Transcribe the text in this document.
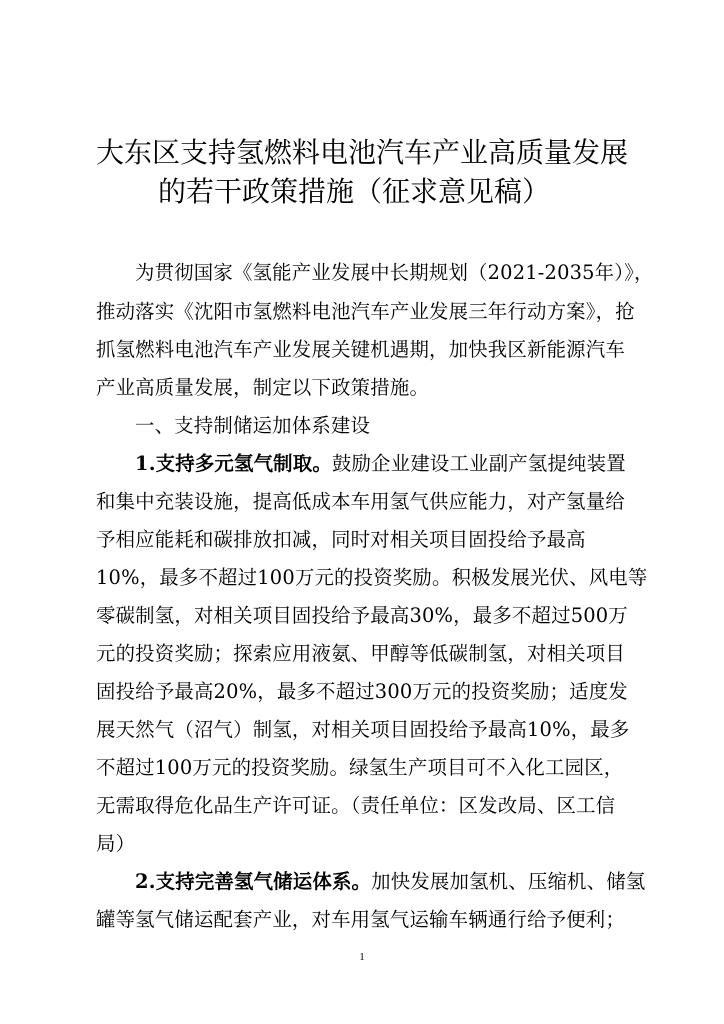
大东区支持氢燃料电池汽车产业高质量发展
的若干政策措施（征求意见稿）
为贯彻国家《氢能产业发展中长期规划（2021-2035年）》，
推动落实《沈阳市氢燃料电池汽车产业发展三年行动方案》，抢
抓氢燃料电池汽车产业发展关键机遇期，加快我区新能源汽车
产业高质量发展，制定以下政策措施。
一、支持制储运加体系建设
1.支持多元氢气制取。鼓励企业建设工业副产氢提纯装置
和集中充装设施，提高低成本车用氢气供应能力，对产氢量给
予相应能耗和碳排放扣减，同时对相关项目固投给予最高
10%，最多不超过100万元的投资奖励。积极发展光伏、风电等
零碳制氢，对相关项目固投给予最高30%，最多不超过500万
元的投资奖励；探索应用液氨、甲醇等低碳制氢，对相关项目
固投给予最高20%，最多不超过300万元的投资奖励；适度发
展天然气（沼气）制氢，对相关项目固投给予最高10%，最多
不超过100万元的投资奖励。绿氢生产项目可不入化工园区，
无需取得危化品生产许可证。（责任单位：区发改局、区工信
局）
2.支持完善氢气储运体系。加快发展加氢机、压缩机、储氢
罐等氢气储运配套产业，对车用氢气运输车辆通行给予便利；
1
